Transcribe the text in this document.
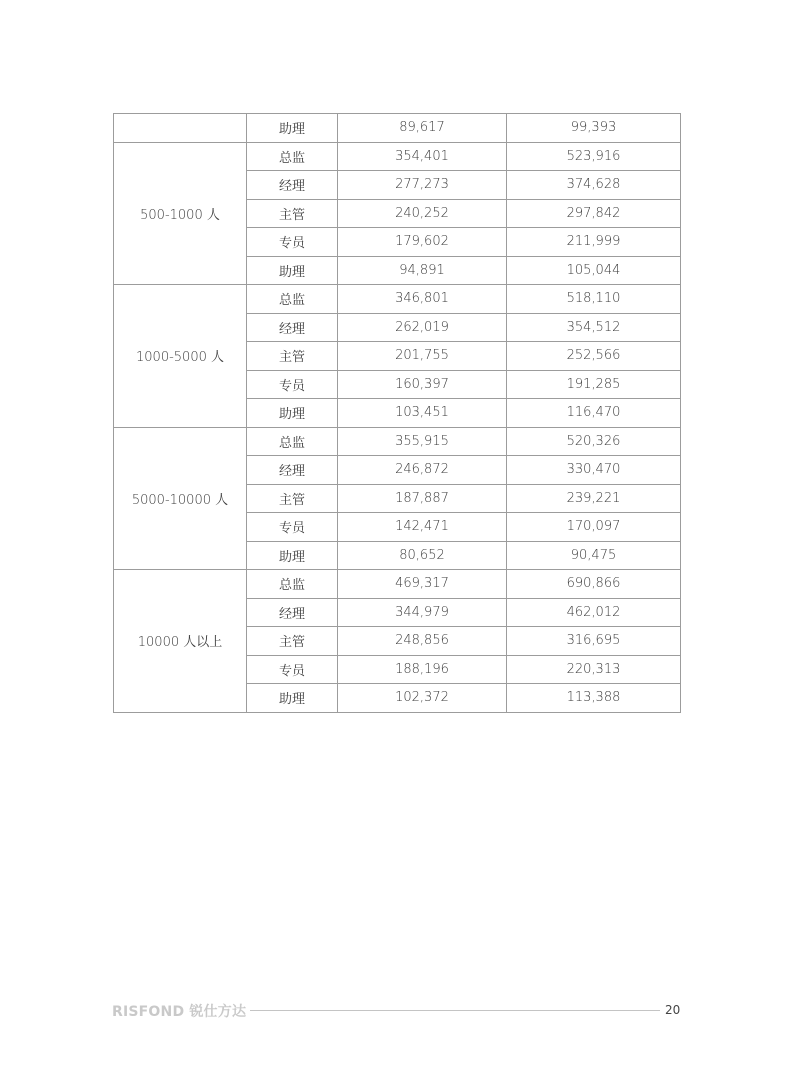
	助理	89,617	99,393
500-1000 人	总监	354,401	523,916
	经理	277,273	374,628
	主管	240,252	297,842
	专员	179,602	211,999
	助理	94,891	105,044
1000-5000 人	总监	346,801	518,110
	经理	262,019	354,512
	主管	201,755	252,566
	专员	160,397	191,285
	助理	103,451	116,470
5000-10000 人	总监	355,915	520,326
	经理	246,872	330,470
	主管	187,887	239,221
	专员	142,471	170,097
	助理	80,652	90,475
10000 人以上	总监	469,317	690,866
	经理	344,979	462,012
	主管	248,856	316,695
	专员	188,196	220,313
	助理	102,372	113,388
RISFOND 锐仕方达	20
